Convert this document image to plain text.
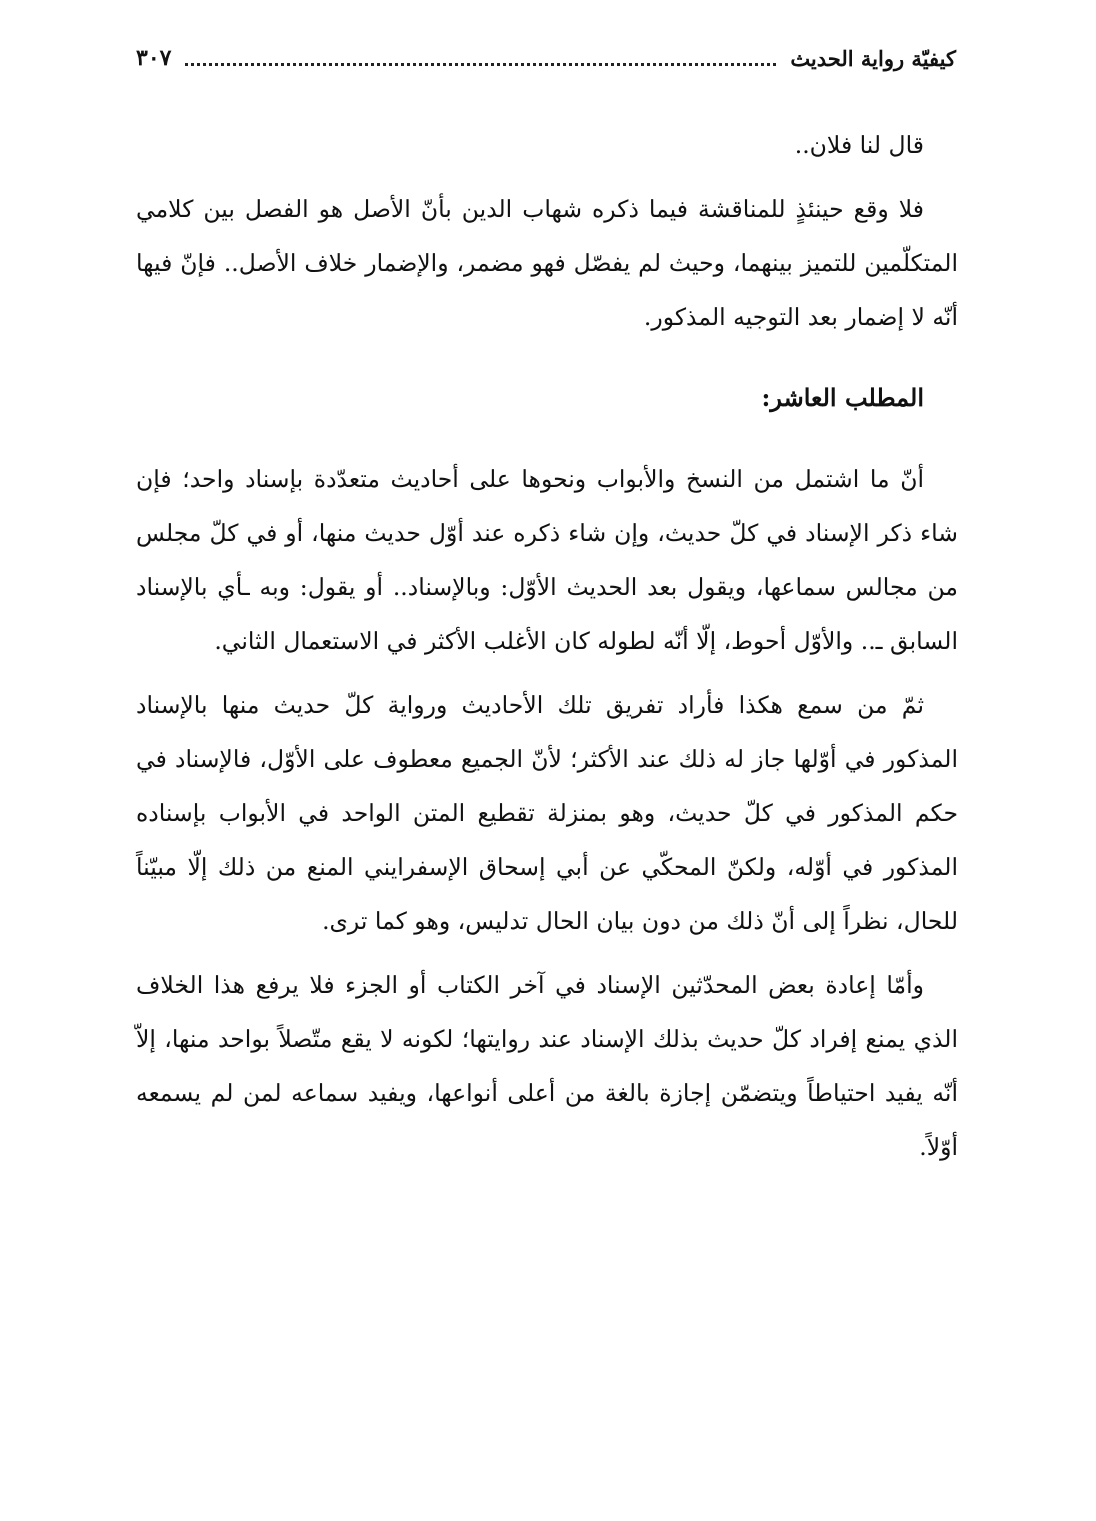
كيفيّة رواية الحديث
٣٠٧

قال لنا فلان..

فلا وقع حينئذٍ للمناقشة فيما ذكره شهاب الدين بأنّ الأصل هو الفصل بين كلامي المتكلّمين للتميز بينهما، وحيث لم يفصّل فهو مضمر، والإضمار خلاف الأصل.. فإنّ فيها أنّه لا إضمار بعد التوجيه المذكور.

المطلب العاشر:

أنّ ما اشتمل من النسخ والأبواب ونحوها على أحاديث متعدّدة بإسناد واحد؛ فإن شاء ذكر الإسناد في كلّ حديث، وإن شاء ذكره عند أوّل حديث منها، أو في كلّ مجلس من مجالس سماعها، ويقول بعد الحديث الأوّل: وبالإسناد.. أو يقول: وبه ـأي بالإسناد السابق ـ.. والأوّل أحوط، إلّا أنّه لطوله كان الأغلب الأكثر في الاستعمال الثاني.

ثمّ من سمع هكذا فأراد تفريق تلك الأحاديث ورواية كلّ حديث منها بالإسناد المذكور في أوّلها جاز له ذلك عند الأكثر؛ لأنّ الجميع معطوف على الأوّل، فالإسناد في حكم المذكور في كلّ حديث، وهو بمنزلة تقطيع المتن الواحد في الأبواب بإسناده المذكور في أوّله، ولكنّ المحكّي عن أبي إسحاق الإسفرايني المنع من ذلك إلّا مبيّناً للحال، نظراً إلى أنّ ذلك من دون بيان الحال تدليس، وهو كما ترى.

وأمّا إعادة بعض المحدّثين الإسناد في آخر الكتاب أو الجزء فلا يرفع هذا الخلاف الذي يمنع إفراد كلّ حديث بذلك الإسناد عند روايتها؛ لكونه لا يقع متّصلاً بواحد منها، إلاّ أنّه يفيد احتياطاً ويتضمّن إجازة بالغة من أعلى أنواعها، ويفيد سماعه لمن لم يسمعه أوّلاً.
